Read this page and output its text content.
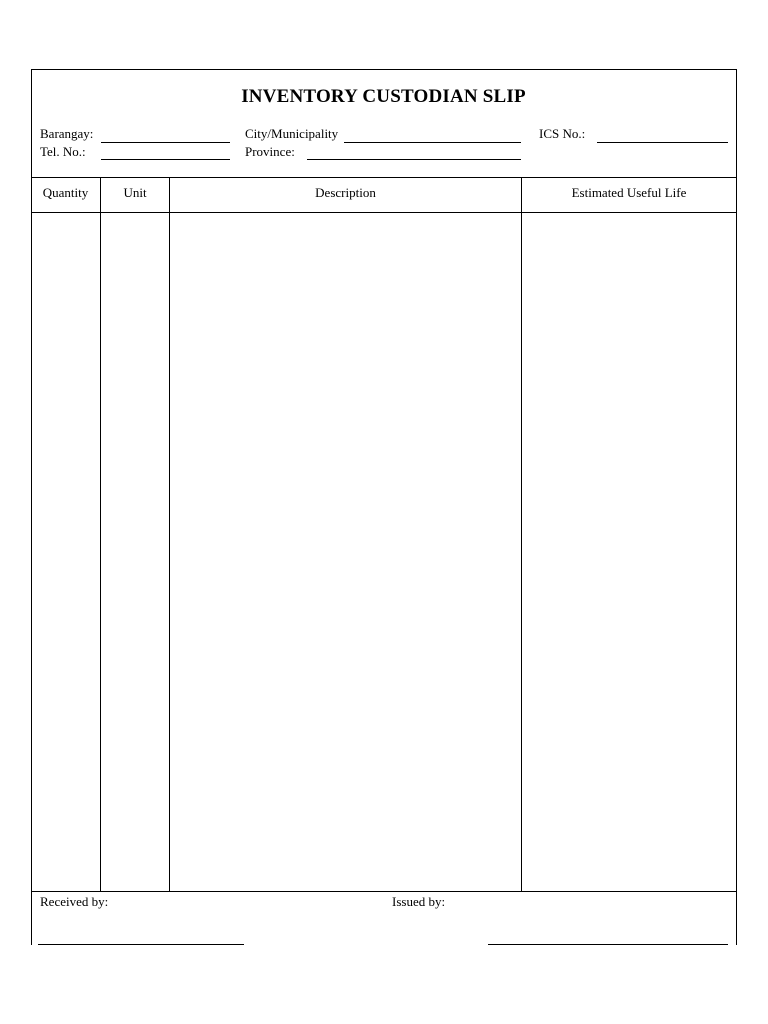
INVENTORY CUSTODIAN SLIP
Barangay:
Tel. No.:
City/Municipality
Province:
ICS No.:
Quantity	Unit	Description	Estimated Useful Life
Received by:	Issued by:
